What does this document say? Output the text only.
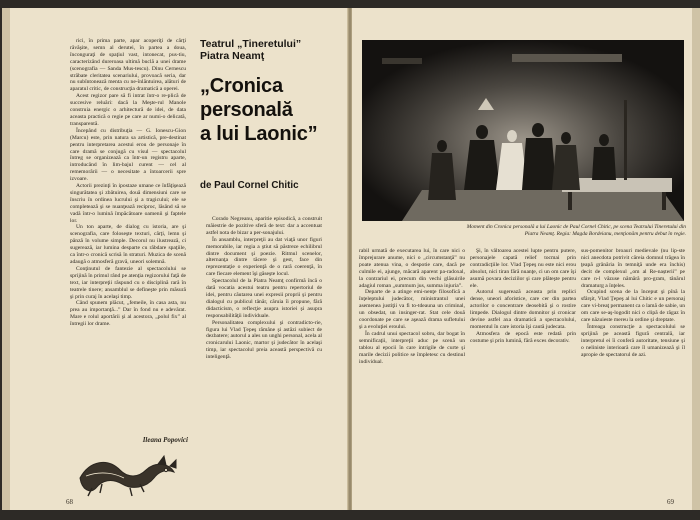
rici, în prima parte, apar acoperiţi de cărţi răvăşite, semn al derutei, în partea a doua, înconguraţi de spaţiul vast, intonecat, pus-tiu, caracterizând dureroasa ultimă buclă a unei drame (scenografia — Sanda Mus-tescu). Dinu Cernescu străbate cleritatea scenariului, provoacă seria, dar nu subîntonează menta cu ne-înlăntuirea, alături de aparatul critic, de construcţia dramatică a operei.

Acest regizor pare să fi intrat într-o re-plică de succesive reluări: dacă la Meşte-rul Manole construia energic o arhitectură de idei, de data aceasta practică o regie pe care ar numi-o delicată, transparentă.

Începând cu distribuţia — G. Ionescu-Gion (Marcu) este, prin natura sa artistică, pre-destinat pentru interpretarea acestui erou de personaje în care dramă se conjugă cu visul — spectacolul întreg se organizează ca într-un registru aparte, introducând în lim-bajul curent — cel al rememorării — o necesitate a întoarcerii spre izvoare.

Actorii prezinţi în ipostaze umane ce înfăţişează singurătatea şi zbătuirea, două dimensiuni care se înscriu în ordinea lucrului şi a tragicului; ele se completează şi se nuanţează reciproc, lăsând să se vadă într-o lumină împăcătoare oamenii şi faptele lor.

Un ton aparte, de dialog cu istoria, are şi scenografia, care foloseşte texturi, cărţi, lemn şi pânză în volume simple. Decorul nu ilustrează, ci sugerează, iar lumina desparte cu răbdare spaţiile, ca într-o cronică scrisă în straturi. Muzica de scenă adaugă o atmosferă gravă, uneori solemnă.

Conţinutul de fantezie al spectacolului se sprijină în primul rând pe atenţia regizorului faţă de text, iar interpreţii răspund cu o disciplină rară în teatrele tinere; ansamblul se defineşte prin măsură şi prin curaj în acelaşi timp.

Când spunem plăcut, „femeile, în casa asta, nu prea au importanţă...” Dar în fond nu e adevărat. Mare e rolul aportării şi al acestora, „polul fix” al întregii lor drame.

Teatrul „Tineretului”
Piatra Neamţ
„Cronica
personală
a lui Laonic”
de Paul Cornel Chitic

Corado Negreanu, aparitie episodică, a construit măiestrie de pozitive sferă de text: dar a accentuat astfel nota de bizar a per-sonajului.

În ansamblu, interpreţii au dat viaţă unor figuri memorabile, iar regia a ştiut să păstreze echilibrul dintre document şi poezie. Ritmul scenelor, alternanţa dintre tăcere şi gest, face din reprezentaţie o experienţă de o rară coerenţă, în care fiecare element îşi găseşte locul.

Spectacolul de la Piatra Neamţ confirmă încă o dată vocatia acestui teatru pentru repertoriul de idei, pentru căutarea unei expresii proprii şi pentru dialogul cu publicul tânăr, căruia îi propune, fără didacticism, o reflecţie asupra istoriei şi asupra responsabilităţii individuale.

Personalitatea complexului şi contradicto-rie, figura lui Vlad Ţepeş rămâne şi astăzi subiect de dezbatere; autorul a ales un unghi personal, acela al cronicarului Laonic, martor şi judecător în acelaşi timp, iar spectacolul preia această perspectivă cu inteligenţă.

Ileana Popovici
68
Moment din Cronica personală a lui Laonic de Paul Cornel Chitic, pe scena Teatrului Tineretului din Piatra Neamţ. Regia: Magda Bordeianu, menţionăm pentru debut în regie.

rabil urmată de executarea lui, în care nici o împrejurare anume, nici o „circumstanţă” nu poate atenua vina, o despotie care, dacă pe culmile ei, ajunge, măcară aparent pa-radoxal, la contrariul ei, precum din vechi glăsuirile adagiul roman „summum jus, summa injuria”.

Departe de a atinge emi-nenţe filosofică a înţeleptului judecător, ministrantul unei asemenea justiţii va fi to-tdeauna un criminal, un obsedat, un insinger-rat. Stat cele două coordonate pe care se aşează drama sufletului şi a evoluţiei eroului.

În cadrul unui spectacol sobru, dar bogat în semnificaţii, interpreţii aduc pe scenă un tablou al epocii în care intrigile de curte şi marile decizii politice se împletesc cu destinul individual.

Şi, în vâltoarea acestei lupte pentru putere, personajele capată relief tocmai prin contradicţiile lor. Vlad Ţepeş nu este nici erou absolut, nici tiran fără nuanţe, ci un om care îşi asumă povara deciziilor şi care plăteşte pentru ele.

Autorul sugerează aceasta prin replici dense, uneori aforistice, care cer din partea actorilor o concentrare deosebită şi o rostire limpede. Dialogul dintre domnitor şi cronicar devine astfel axa dramatică a spectacolului, momentul în care istoria îşi caută judecata.

Atmosfera de epocă este redată prin costume şi prin lumină, fără exces decorativ.

sus-pomenitor broauri medievale (nu lip-ste nici anecdota potrivit căreia domnul trăgea în ţeapă grânăria în temniţă unde era închis) decit de complexul „om al Re-nașterii” pe care n-l văzuse nămără pro-gram, tânărul dramaturg a înţeles.

Ocupind scena de la început şi pînă la sfârşit, Vlad Ţepeş al lui Chitic e un personaj care vi-breaţ permanent ca o lamă de sabie, un om care se‑aş‑logodit nici o clipă de răgaz în care năzuieste mereu la ordine şi dreptate.

Întreaga construcţie a spectacolului se sprijină pe această figură centrală, iar interpretul ei îi conferă autoritate, tensiune şi o neliniste interioară care îl umanizează şi îl apropie de spectatorul de azi.

69
